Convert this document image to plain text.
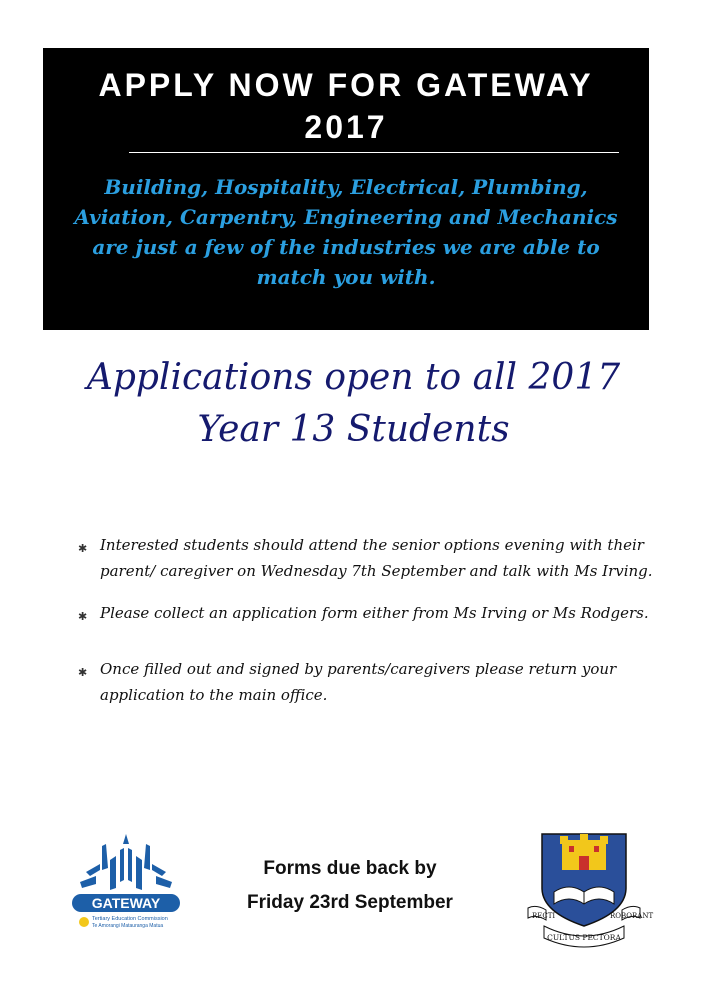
APPLY NOW FOR GATEWAY
2017
Building, Hospitality, Electrical, Plumbing, Aviation, Carpentry, Engineering and Mechanics are just a few of the industries we are able to match you with.
Applications open to all 2017
Year 13 Students
✱ Interested students should attend the senior options evening with their parent/ caregiver on Wednesday 7th September and talk with Ms Irving.
✱ Please collect an application form either from Ms Irving or Ms Rodgers.
✱ Once filled out and signed by parents/caregivers please return your application to the main office.
Forms due back by
Friday 23rd September
GATEWAY
Tertiary Education Commission
Te Amorangi Matauranga Matua
RECTI	ROBORANT
CULTUS PECTORA
